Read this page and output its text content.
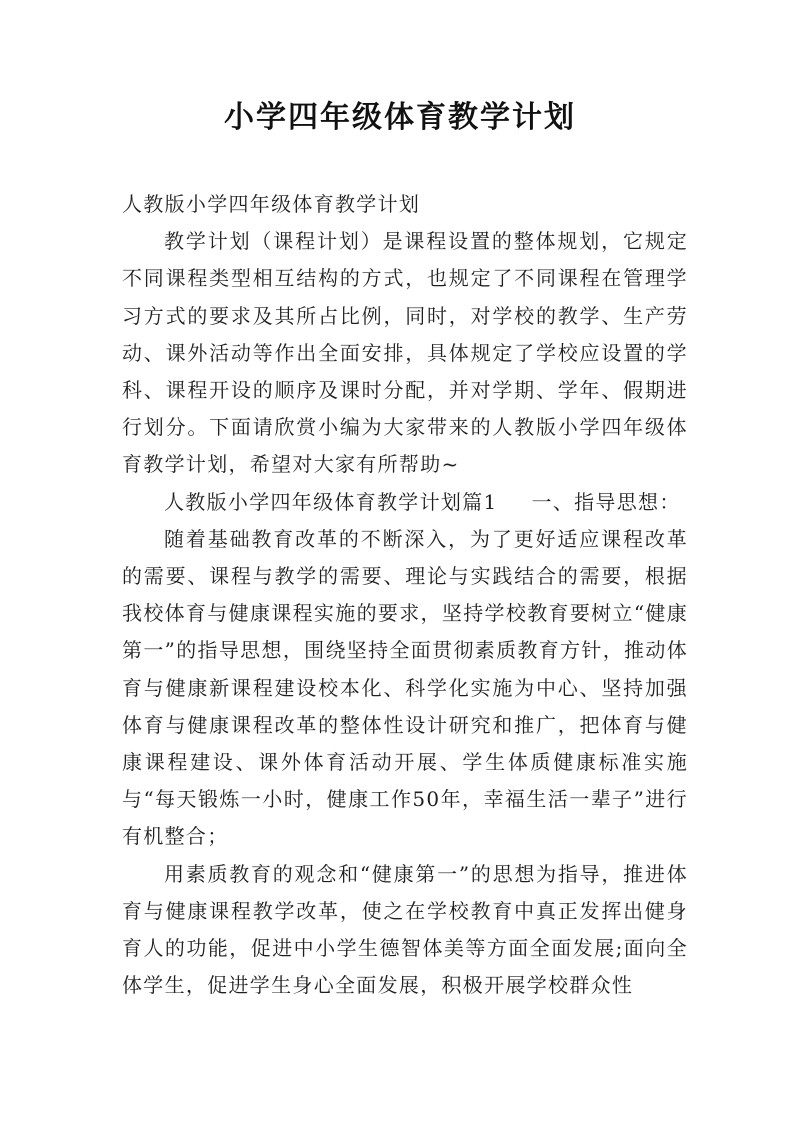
小学四年级体育教学计划

人教版小学四年级体育教学计划

教学计划（课程计划）是课程设置的整体规划，它规定不同课程类型相互结构的方式，也规定了不同课程在管理学习方式的要求及其所占比例，同时，对学校的教学、生产劳动、课外活动等作出全面安排，具体规定了学校应设置的学科、课程开设的顺序及课时分配，并对学期、学年、假期进行划分。下面请欣赏小编为大家带来的人教版小学四年级体育教学计划，希望对大家有所帮助~

人教版小学四年级体育教学计划篇1 一、指导思想：

随着基础教育改革的不断深入，为了更好适应课程改革的需要、课程与教学的需要、理论与实践结合的需要，根据我校体育与健康课程实施的要求，坚持学校教育要树立“健康第一”的指导思想，围绕坚持全面贯彻素质教育方针，推动体育与健康新课程建设校本化、科学化实施为中心、坚持加强体育与健康课程改革的整体性设计研究和推广，把体育与健康课程建设、课外体育活动开展、学生体质健康标准实施与“每天锻炼一小时，健康工作50年，幸福生活一辈子”进行有机整合；

用素质教育的观念和“健康第一”的思想为指导，推进体育与健康课程教学改革，使之在学校教育中真正发挥出健身育人的功能，促进中小学生德智体美等方面全面发展;面向全体学生，促进学生身心全面发展，积极开展学校群众性
